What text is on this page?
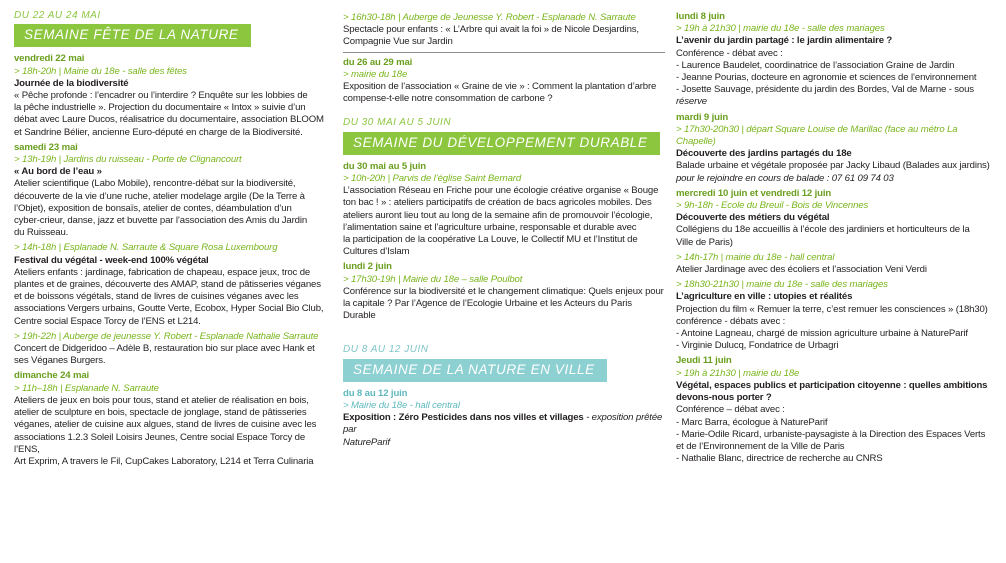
DU 22 AU 24 MAI
SEMAINE FÊTE DE LA NATURE
vendredi 22 mai
> 18h-20h | Mairie du 18e - salle des fêtes
Journée de la biodiversité
« Pêche profonde : l’encadrer ou l’interdire ? Enquête sur les lobbies de
la pêche industrielle ». Projection du documentaire « Intox » suivie d’un
débat avec Laure Ducos, réalisatrice du documentaire, association BLOOM
et Sandrine Bélier, ancienne Euro-député en charge de la Biodiversité.
samedi 23 mai
> 13h-19h | Jardins du ruisseau - Porte de Clignancourt
« Au bord de l’eau »
Atelier scientifique (Labo Mobile), rencontre-débat sur la biodiversité,
découverte de la vie d’une ruche, atelier modelage argile (De la Terre à
l’Objet), exposition de bonsaïs, atelier de contes, déambulation d’un
cyber-crieur, danse, jazz et buvette par l’association des Amis du Jardin
du Ruisseau.
> 14h-18h | Esplanade N. Sarraute & Square Rosa Luxembourg
Festival du végétal - week-end 100% végétal
Ateliers enfants : jardinage, fabrication de chapeau, espace jeux, troc de
plantes et de graines, découverte des AMAP, stand de pâtisseries véganes
et de boissons végétals, stand de livres de cuisines véganes avec les
associations Vergers urbains, Goutte Verte, Ecobox, Hyper Social Bio Club,
Centre social Espace Torcy de l’ENS et L214.
> 19h-22h | Auberge de jeunesse Y. Robert - Esplanade Nathalie Sarraute
Concert de Didgeridoo – Adèle B, restauration bio sur place avec Hank et
ses Véganes Burgers.
dimanche 24 mai
> 11h–18h | Esplanade N. Sarraute
Ateliers de jeux en bois pour tous, stand et atelier de réalisation en bois,
atelier de sculpture en bois, spectacle de jonglage, stand de pâtisseries
véganes, atelier de cuisine aux algues, stand de livres de cuisine avec les
associations 1.2.3 Soleil Loisirs Jeunes, Centre social Espace Torcy de l’ENS,
Art Exprim, A travers le Fil, CupCakes Laboratory, L214 et Terra Culinaria
> 16h30-18h | Auberge de Jeunesse Y. Robert - Esplanade N. Sarraute
Spectacle pour enfants : « L’Arbre qui avait la foi » de Nicole Desjardins,
Compagnie Vue sur Jardin
du 26 au 29 mai
> mairie du 18e
Exposition de l’association « Graine de vie » : Comment la plantation d’arbre
compense-t-elle notre consommation de carbone ?
DU 30 MAI AU 5 JUIN
SEMAINE DU DÉVELOPPEMENT DURABLE
du 30 mai au 5 juin
> 10h-20h | Parvis de l’église Saint Bernard
L’association Réseau en Friche pour une écologie créative organise « Bouge
ton bac ! » : ateliers participatifs de création de bacs agricoles mobiles. Des
ateliers auront lieu tout au long de la semaine afin de promouvoir l’écologie,
l’alimentation saine et l’agriculture urbaine, responsable et durable avec
la participation de la coopérative La Louve, le Collectif MU et l’Institut de
Cultures d’Islam
lundi 2 juin
> 17h30-19h | Mairie du 18e – salle Poulbot
Conférence sur la biodiversité et le changement climatique: Quels enjeux pour
la capitale ? Par l’Agence de l’Ecologie Urbaine et les Acteurs du Paris Durable
DU 8 AU 12 JUIN
SEMAINE DE LA NATURE EN VILLE
du 8 au 12 juin
> Mairie du 18e - hall central
Exposition : Zéro Pesticides dans nos villes et villages - exposition prêtée par
NatureParif
lundi 8 juin
> 19h à 21h30 | mairie du 18e - salle des mariages
L’avenir du jardin partagé : le jardin alimentaire ?
Conférence - débat avec :
- Laurence Baudelet, coordinatrice de l’association Graine de Jardin
- Jeanne Pourias, docteure en agronomie et sciences de l’environnement
- Josette Sauvage, présidente du jardin des Bordes, Val de Marne - sous
réserve
mardi 9 juin
> 17h30-20h30 | départ Square Louise de Marillac (face au métro La Chapelle)
Découverte des jardins partagés du 18e
Balade urbaine et végétale proposée par Jacky Libaud (Balades aux jardins)
pour le rejoindre en cours de balade : 07 61 09 74 03
mercredi 10 juin et vendredi 12 juin
> 9h-18h - Ecole du Breuil - Bois de Vincennes
Découverte des métiers du végétal
Collégiens du 18e accueillis à l’école des jardiniers et horticulteurs de la
Ville de Paris)
> 14h-17h | mairie du 18e - hall central
Atelier Jardinage avec des écoliers et l’association Veni Verdi
> 18h30-21h30 | mairie du 18e - salle des mariages
L’agriculture en ville : utopies et réalités
Projection du film « Remuer la terre, c’est remuer les consciences » (18h30)
conférence - débats avec :
- Antoine Lagneau, chargé de mission agriculture urbaine à NatureParif
- Virginie Dulucq, Fondatrice de Urbagri
Jeudi 11 juin
> 19h à 21h30 | mairie du 18e
Végétal, espaces publics et participation citoyenne : quelles ambitions devons-nous porter ?
Conférence – débat avec :
- Marc Barra, écologue à NatureParif
- Marie-Odile Ricard, urbaniste-paysagiste à la Direction des Espaces Verts
et de l’Environnement de la Ville de Paris
- Nathalie Blanc, directrice de recherche au CNRS
